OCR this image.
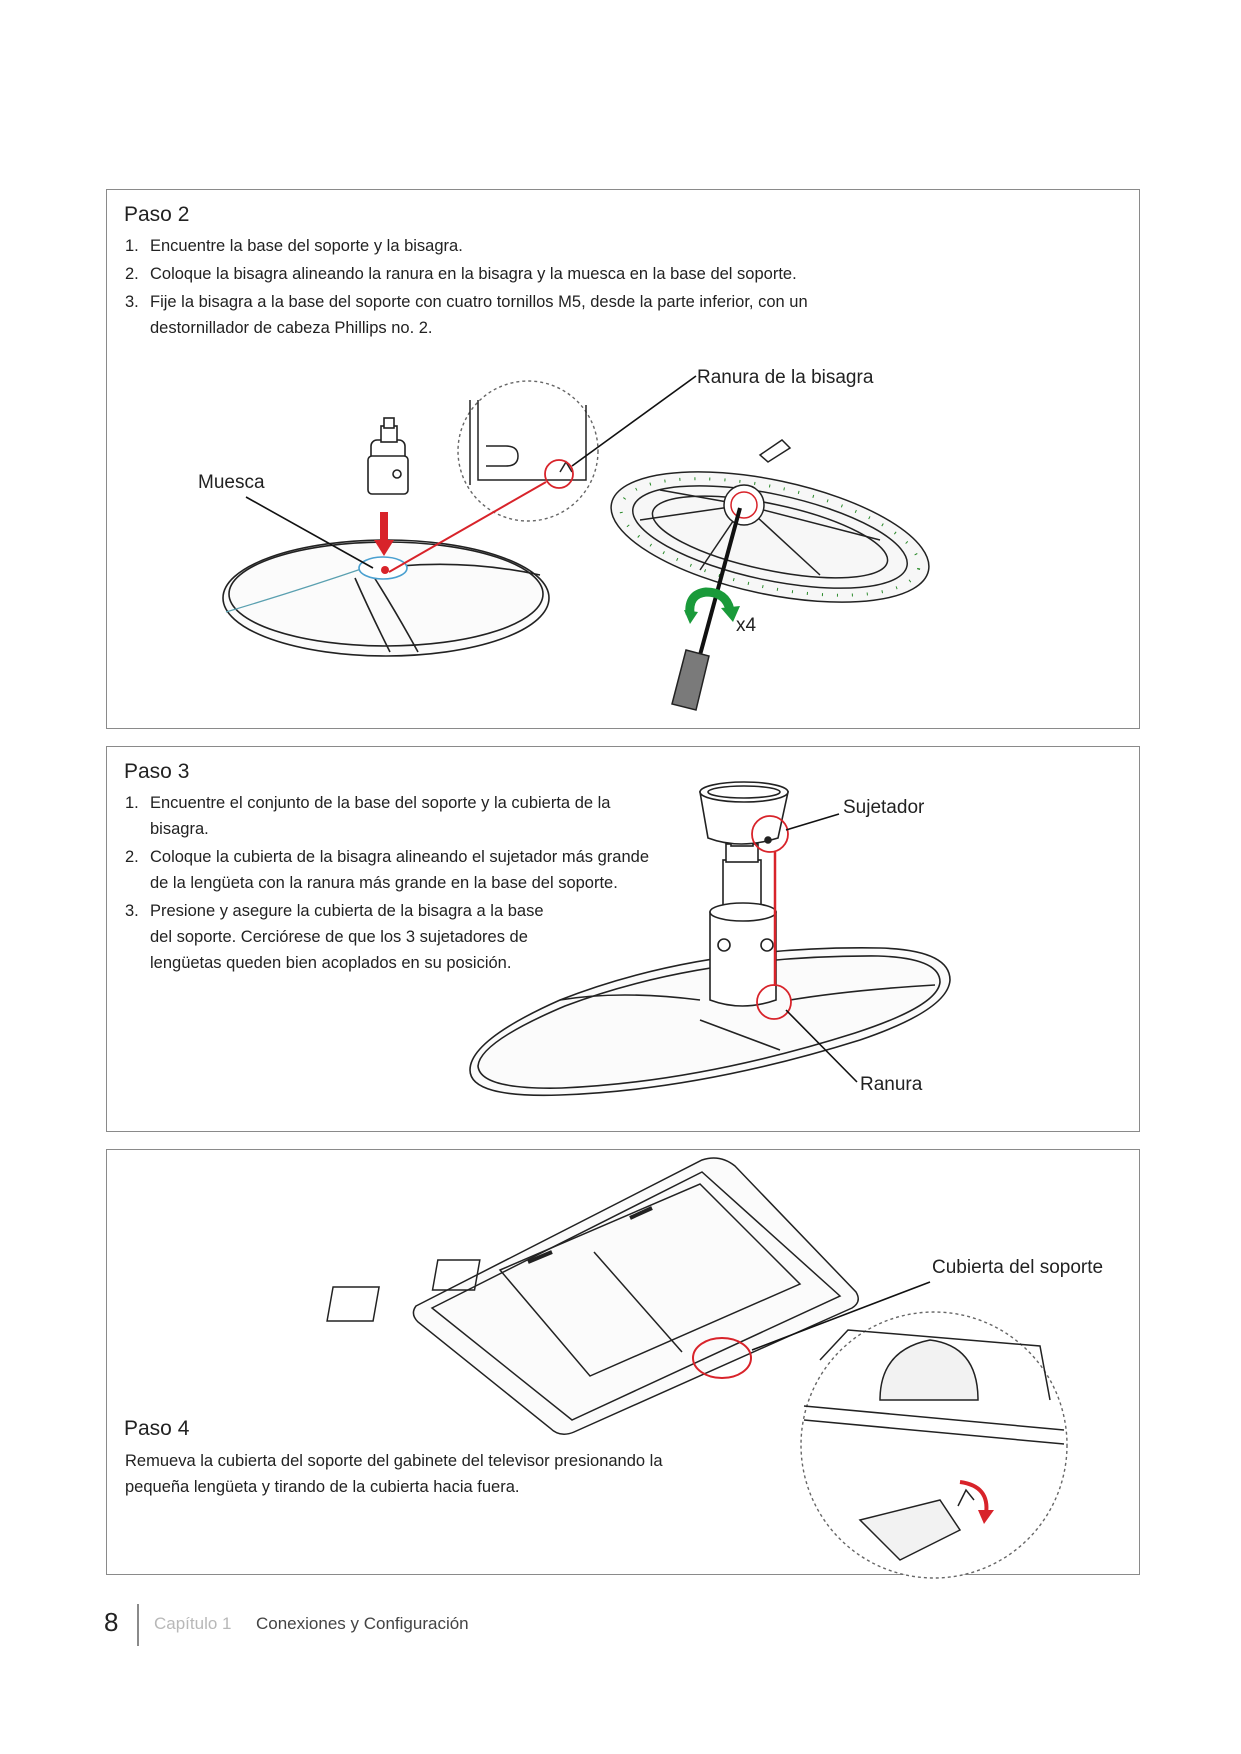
Paso 2
1. Encuentre la base del soporte y la bisagra.
2. Coloque la bisagra alineando la ranura en la bisagra y la muesca en la base del soporte.
3. Fije la bisagra a la base del soporte con cuatro tornillos M5, desde la parte inferior, con un destornillador de cabeza Phillips no. 2.
Ranura de la bisagra
Muesca
x4
Paso 3
1. Encuentre el conjunto de la base del soporte y la cubierta de la bisagra.
2. Coloque la cubierta de la bisagra alineando el sujetador más grande de la lengüeta con la ranura más grande en la base del soporte.
3. Presione y asegure la cubierta de la bisagra a la base del soporte. Cerciórese de que los 3 sujetadores de lengüetas queden bien acoplados en su posición.
Sujetador
Ranura
Paso 4
Remueva la cubierta del soporte del gabinete del televisor presionando la pequeña lengüeta y tirando de la cubierta hacia fuera.
Cubierta del soporte
8 Capítulo 1 Conexiones y Configuración
